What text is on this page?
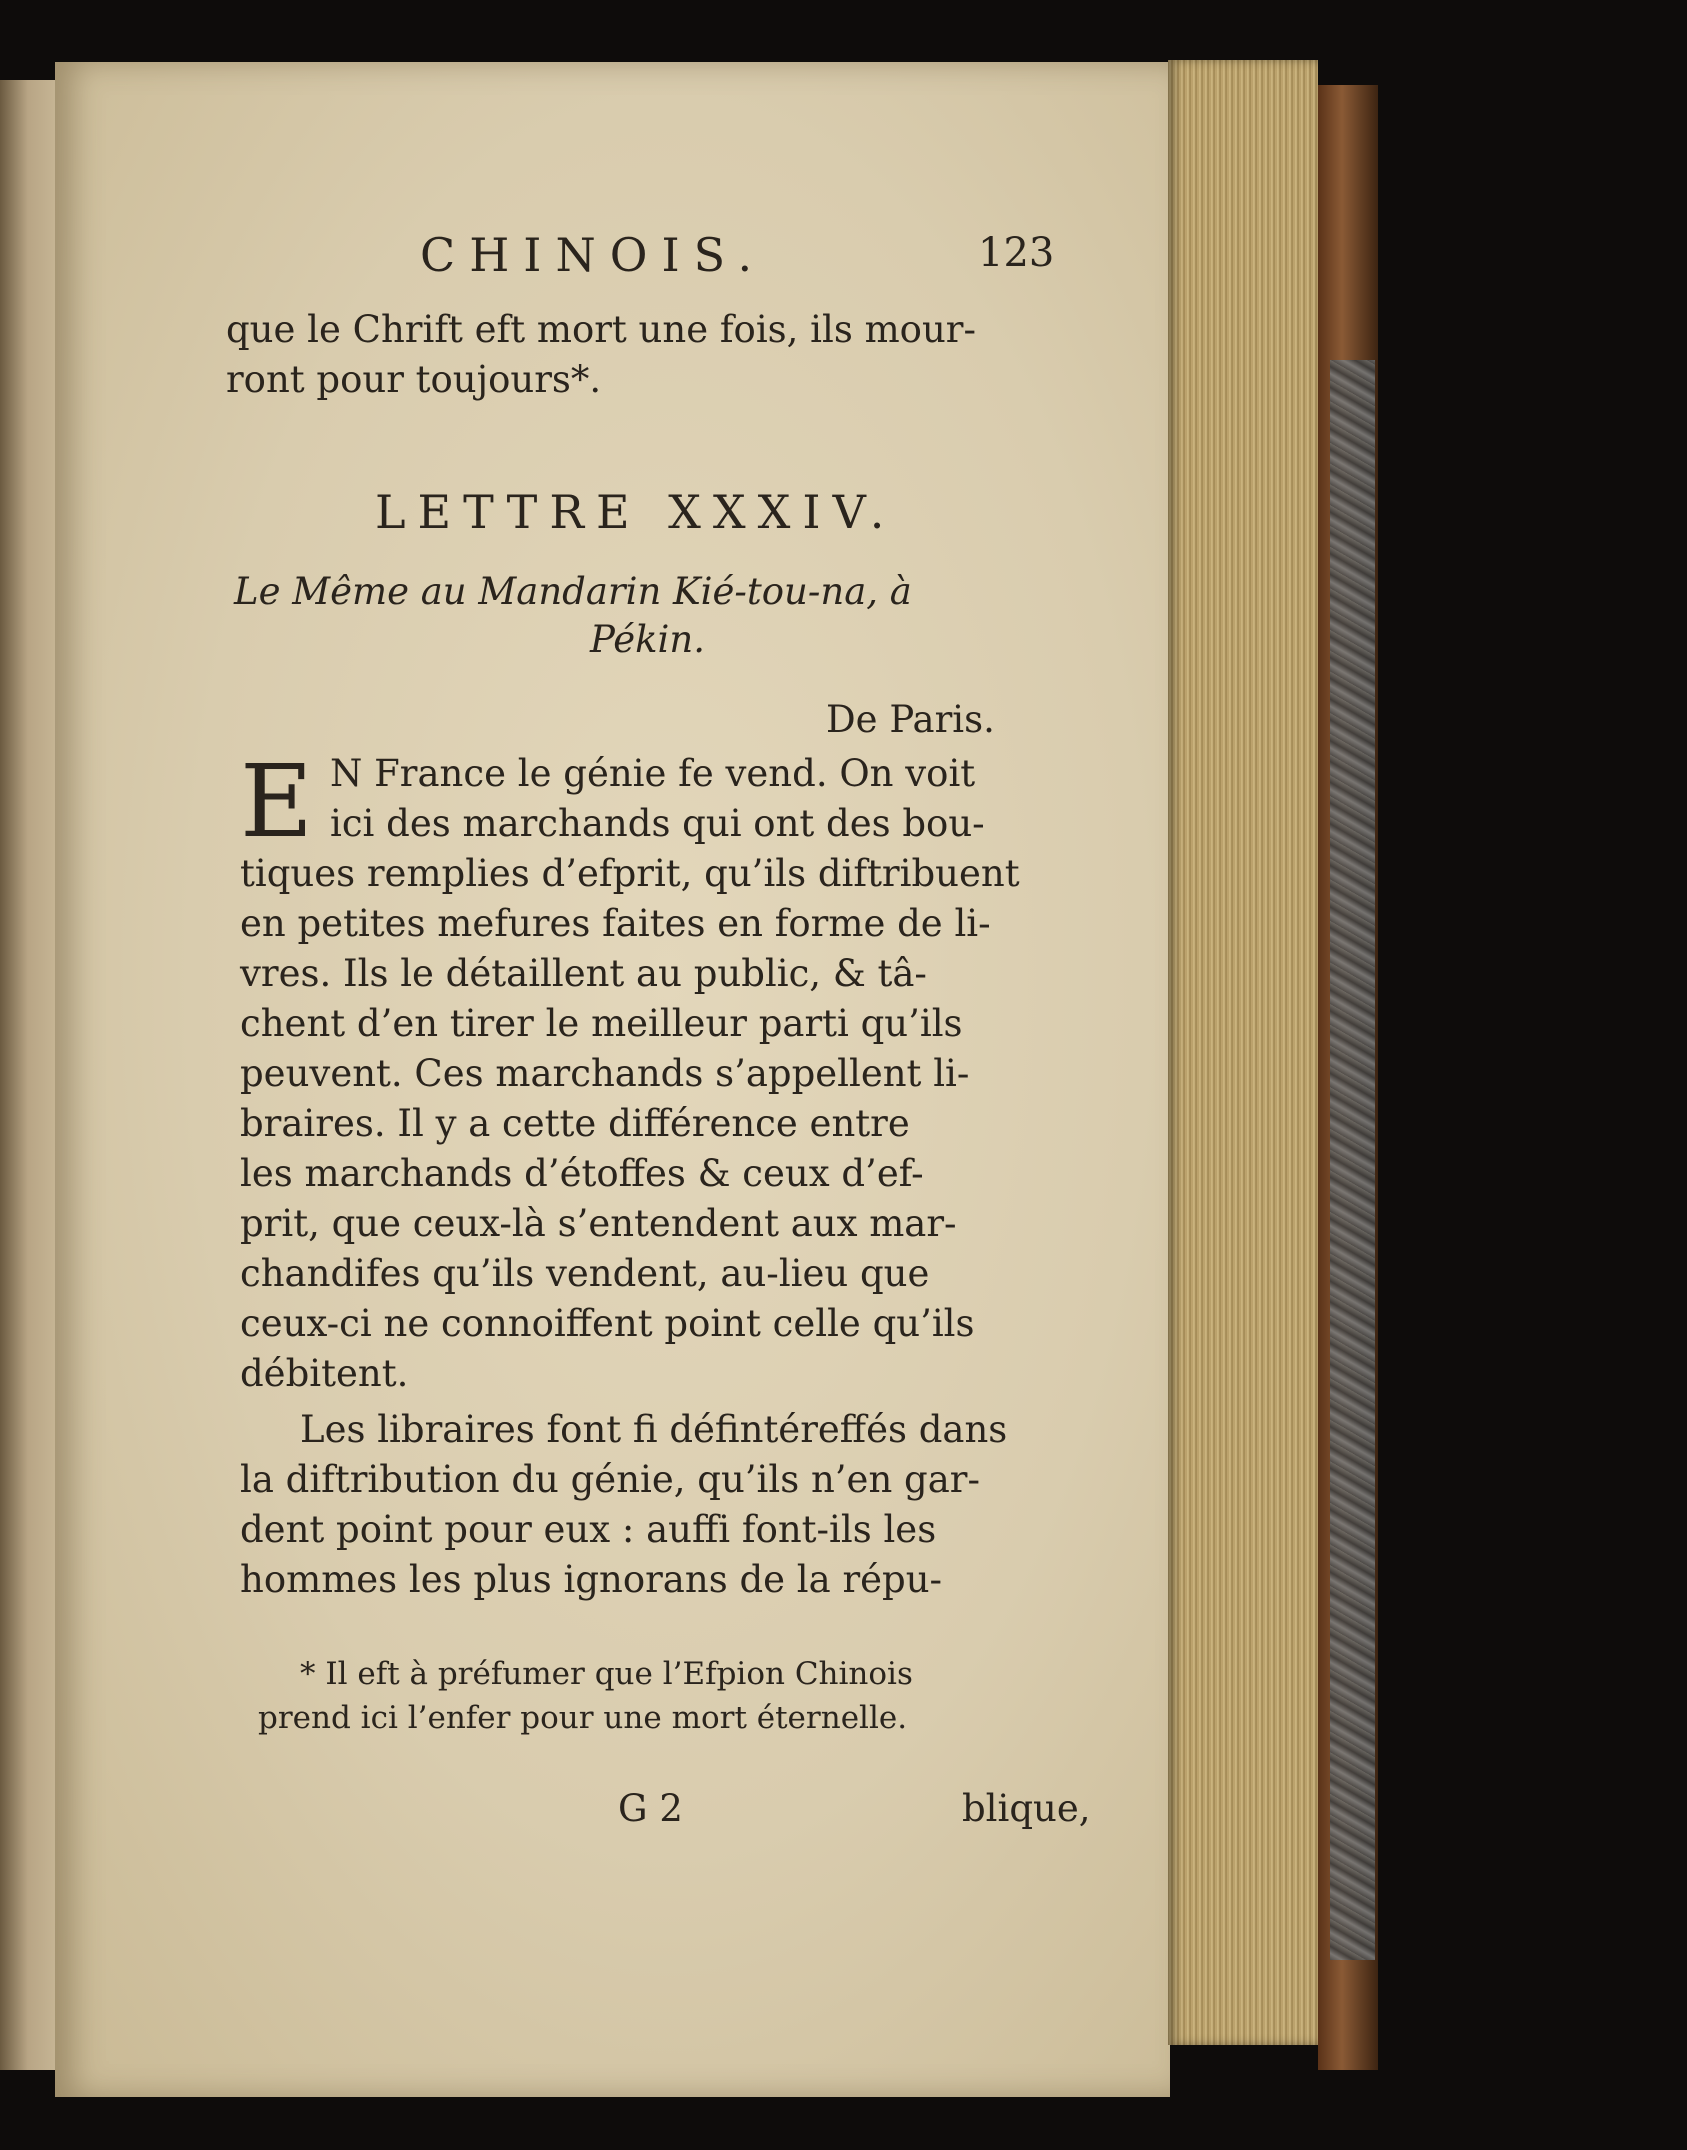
CHINOIS.	123
que le Chrift eft mort une fois, ils mour-
ront pour toujours*.
LETTRE XXXIV.
Le Même au Mandarin Kié-tou-na, à
Pékin.
De Paris.
E N France le génie fe vend. On voit
ici des marchands qui ont des bou-
tiques remplies d’efprit, qu’ils diftribuent
en petites mefures faites en forme de li-
vres. Ils le détaillent au public, & tâ-
chent d’en tirer le meilleur parti qu’ils
peuvent. Ces marchands s’appellent li-
braires. Il y a cette différence entre
les marchands d’étoffes & ceux d’ef-
prit, que ceux-là s’entendent aux mar-
chandifes qu’ils vendent, au-lieu que
ceux-ci ne connoiffent point celle qu’ils
débitent.
Les libraires font fi défintéreffés dans
la diftribution du génie, qu’ils n’en gar-
dent point pour eux : auffi font-ils les
hommes les plus ignorans de la répu-
* Il eft à préfumer que l’Efpion Chinois
prend ici l’enfer pour une mort éternelle.
G 2	blique,
